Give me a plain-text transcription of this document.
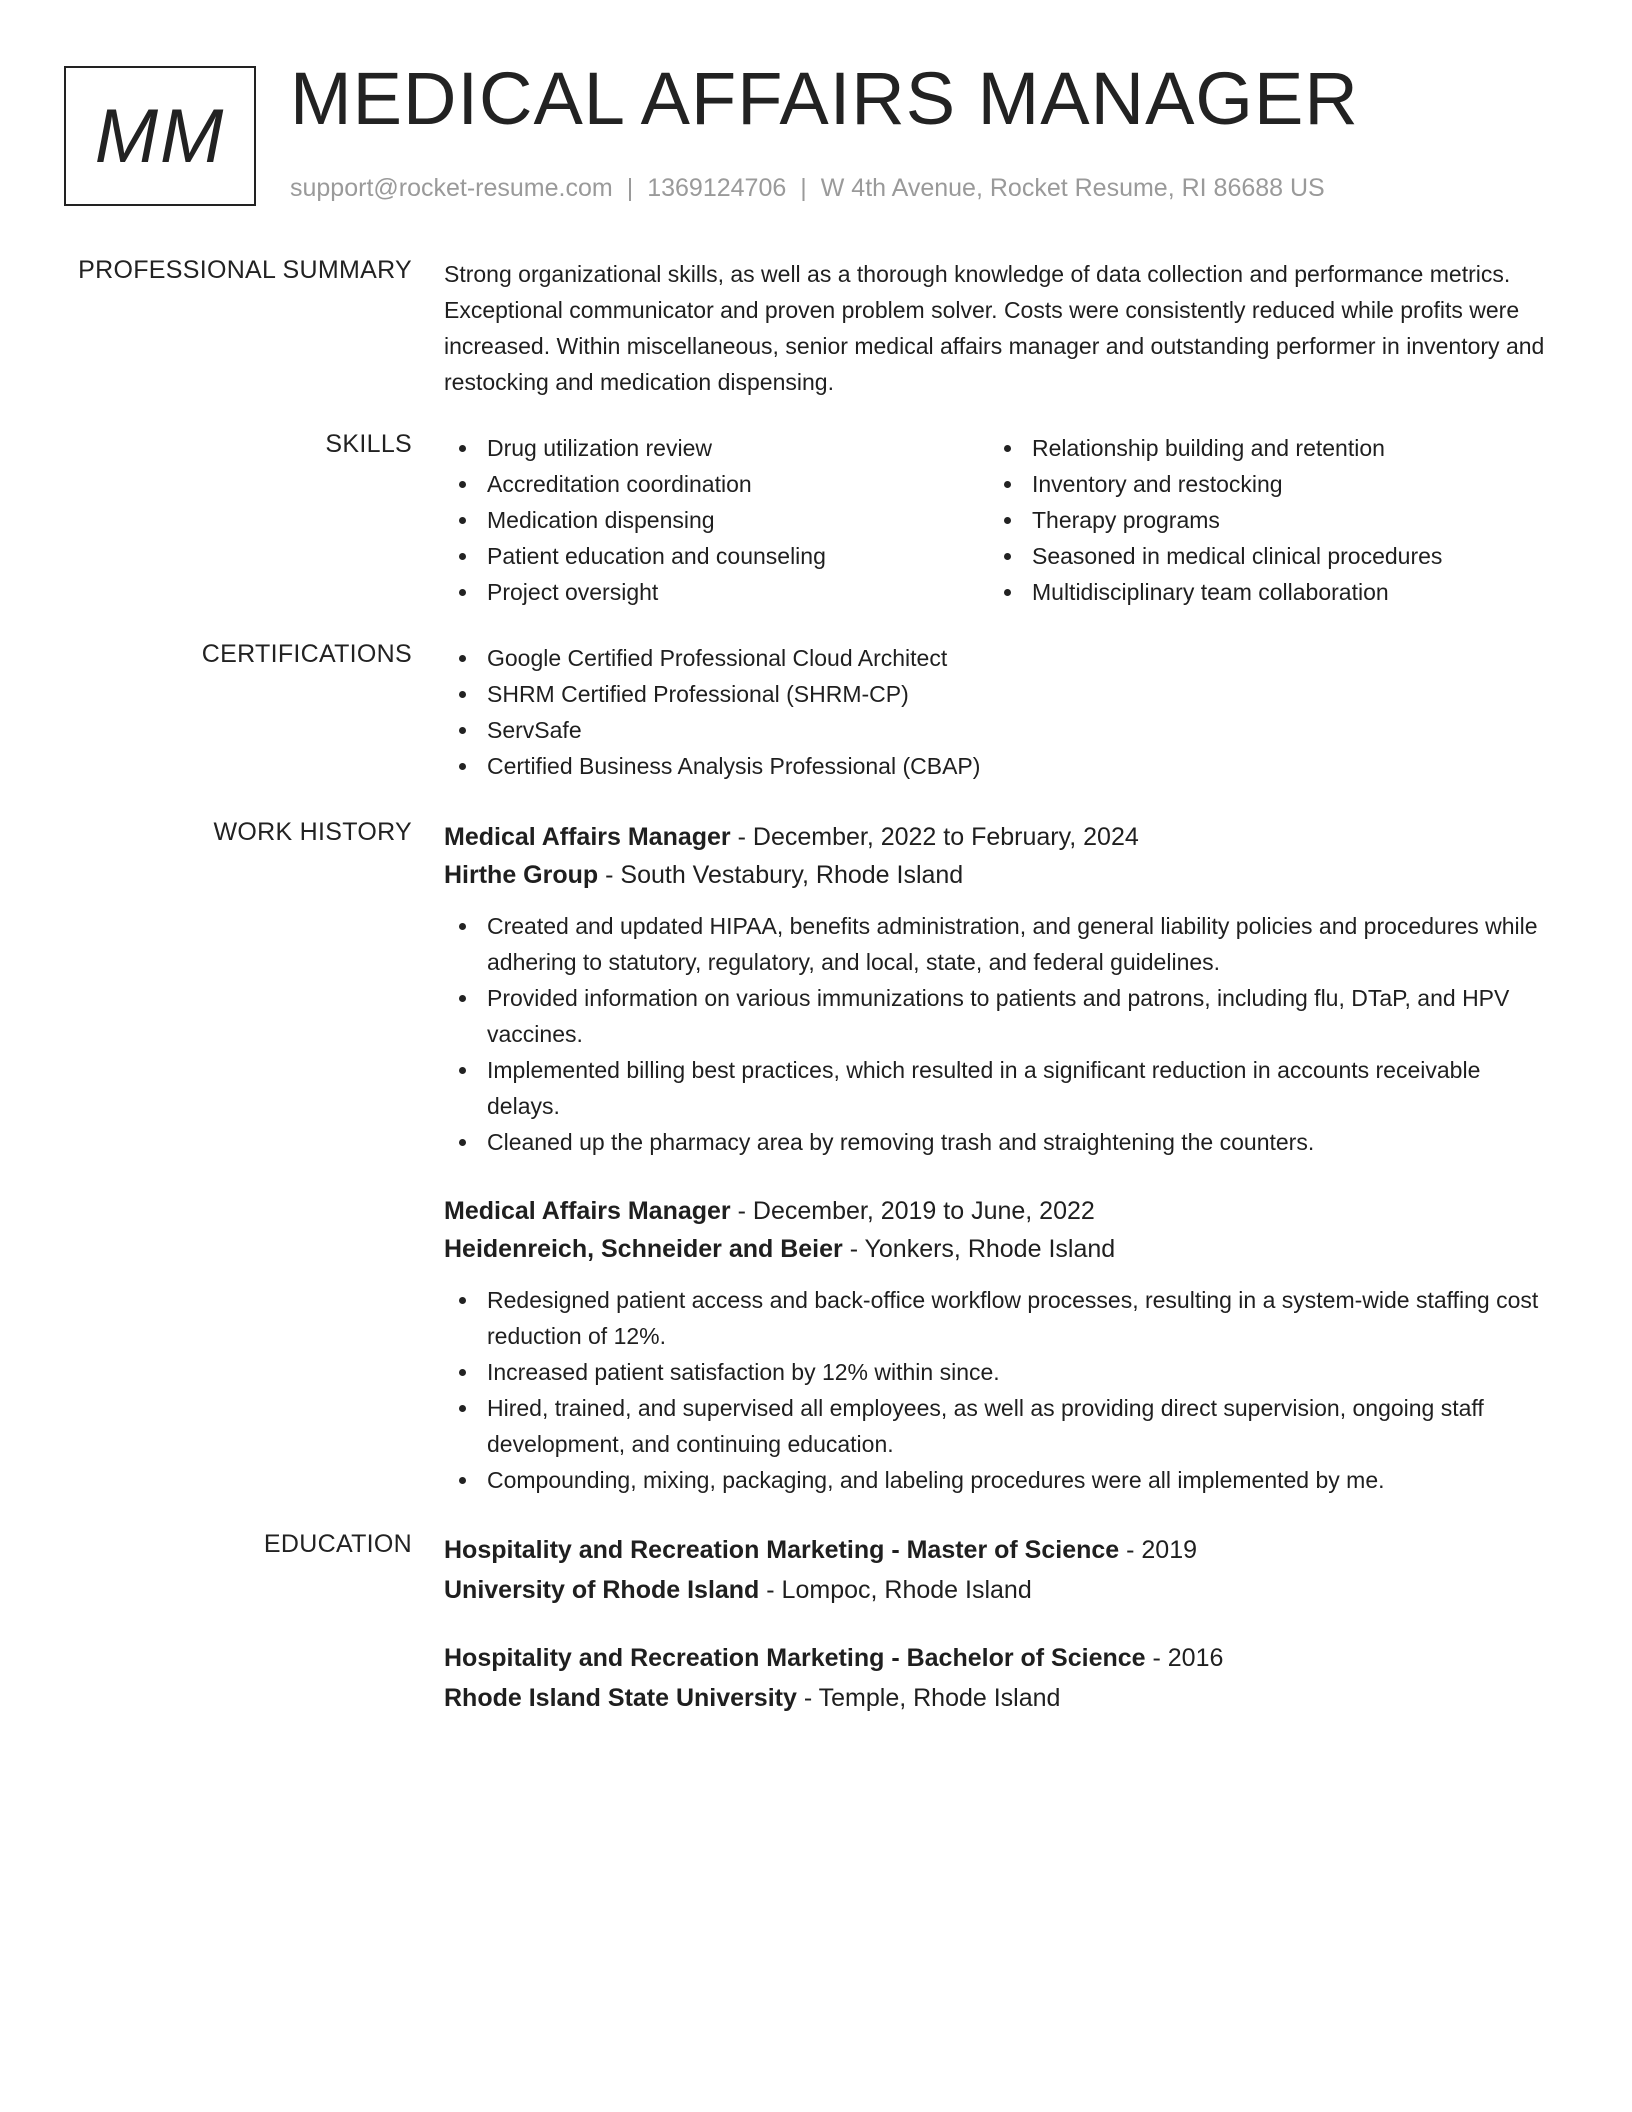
MM MEDICAL AFFAIRS MANAGER
support@rocket-resume.com | 1369124706 | W 4th Avenue, Rocket Resume, RI 86688 US
PROFESSIONAL SUMMARY Strong organizational skills, as well as a thorough knowledge of data collection and performance metrics. Exceptional communicator and proven problem solver. Costs were consistently reduced while profits were increased. Within miscellaneous, senior medical affairs manager and outstanding performer in inventory and restocking and medication dispensing.

SKILLS	Drug utilization review
Accreditation coordination
Medication dispensing
Patient education and counseling
Project oversight
Relationship building and retention
Inventory and restocking
Therapy programs
Seasoned in medical clinical procedures
Multidisciplinary team collaboration
CERTIFICATIONS	Google Certified Professional Cloud Architect
SHRM Certified Professional (SHRM-CP)
ServSafe
Certified Business Analysis Professional (CBAP)
WORK HISTORY Medical Affairs Manager - December, 2022 to February, 2024
Hirthe Group - South Vestabury, Rhode Island
Created and updated HIPAA, benefits administration, and general liability policies and procedures while adhering to statutory, regulatory, and local, state, and federal guidelines.
Provided information on various immunizations to patients and patrons, including flu, DTaP, and HPV vaccines.
Implemented billing best practices, which resulted in a significant reduction in accounts receivable delays.
Cleaned up the pharmacy area by removing trash and straightening the counters.
Medical Affairs Manager - December, 2019 to June, 2022
Heidenreich, Schneider and Beier - Yonkers, Rhode Island
Redesigned patient access and back-office workflow processes, resulting in a system-wide staffing cost reduction of 12%.
Increased patient satisfaction by 12% within since.
Hired, trained, and supervised all employees, as well as providing direct supervision, ongoing staff development, and continuing education.
Compounding, mixing, packaging, and labeling procedures were all implemented by me.
EDUCATION Hospitality and Recreation Marketing - Master of Science - 2019
University of Rhode Island - Lompoc, Rhode Island
Hospitality and Recreation Marketing - Bachelor of Science - 2016
Rhode Island State University - Temple, Rhode Island
